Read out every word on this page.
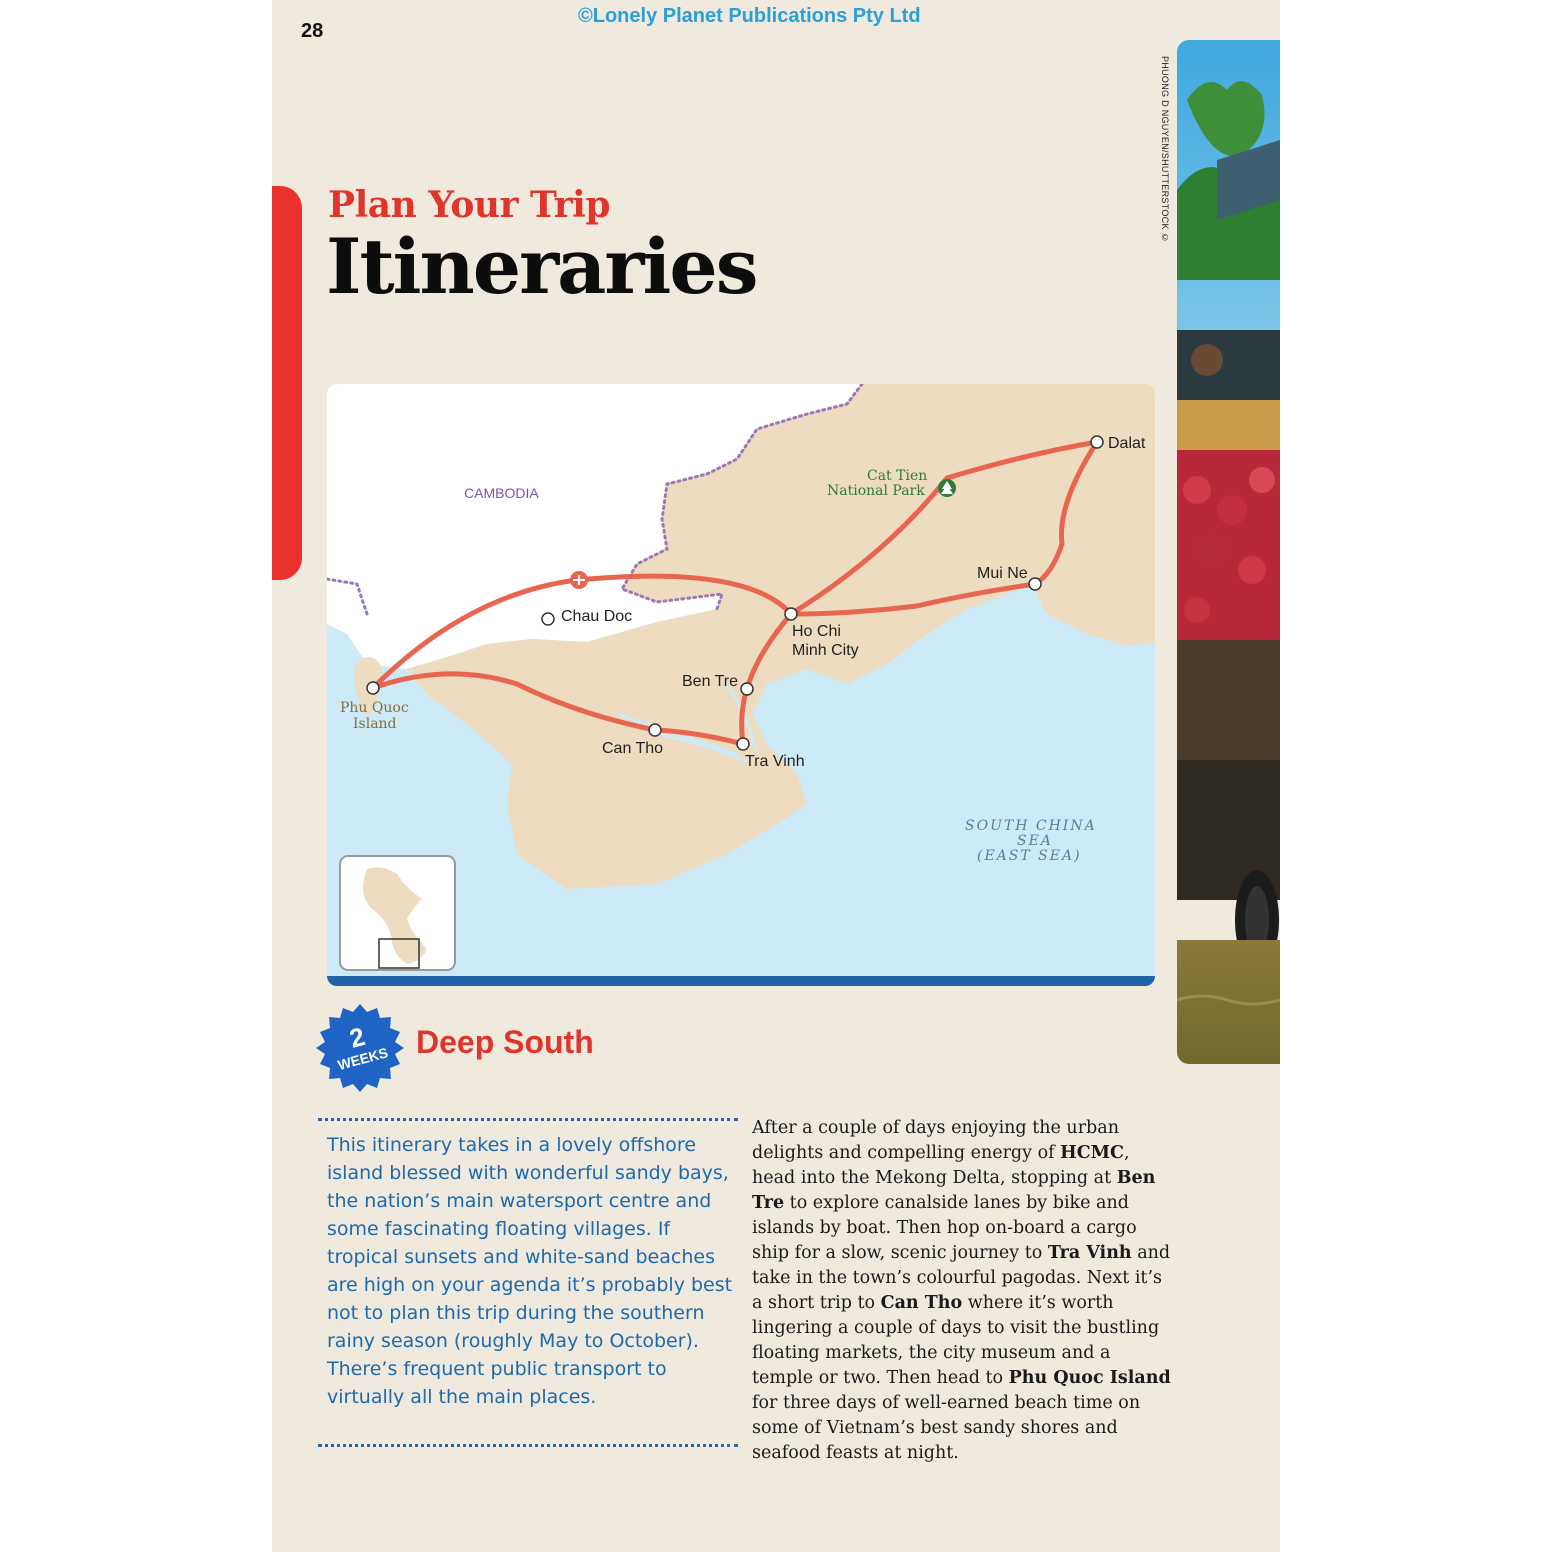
28
©Lonely Planet Publications Pty Ltd
Plan Your Trip
Itineraries
PHUONG D NGUYEN/SHUTTERSTOCK ©
CAMBODIA
Dalat
Mui Ne
Chau Doc
Ho Chi
Minh City
Ben Tre
Can Tho
Tra Vinh
Phu Quoc
Island
Cat Tien
National Park
SOUTH CHINA
SEA
(EAST SEA)
2
WEEKS Deep South
This itinerary takes in a lovely offshore island blessed with wonderful sandy bays, the nation’s main watersport centre and some fascinating floating villages. If tropical sunsets and white-sand beaches are high on your agenda it’s probably best not to plan this trip during the southern rainy season (roughly May to October). There’s frequent public transport to virtually all the main places.

After a couple of days enjoying the urban delights and compelling energy of HCMC, head into the Mekong Delta, stopping at Ben Tre to explore canalside lanes by bike and islands by boat. Then hop on-board a cargo ship for a slow, scenic journey to Tra Vinh and take in the town’s colourful pagodas. Next it’s a short trip to Can Tho where it’s worth lingering a couple of days to visit the bustling floating markets, the city museum and a temple or two. Then head to Phu Quoc Island for three days of well-earned beach time on some of Vietnam’s best sandy shores and seafood feasts at night.
